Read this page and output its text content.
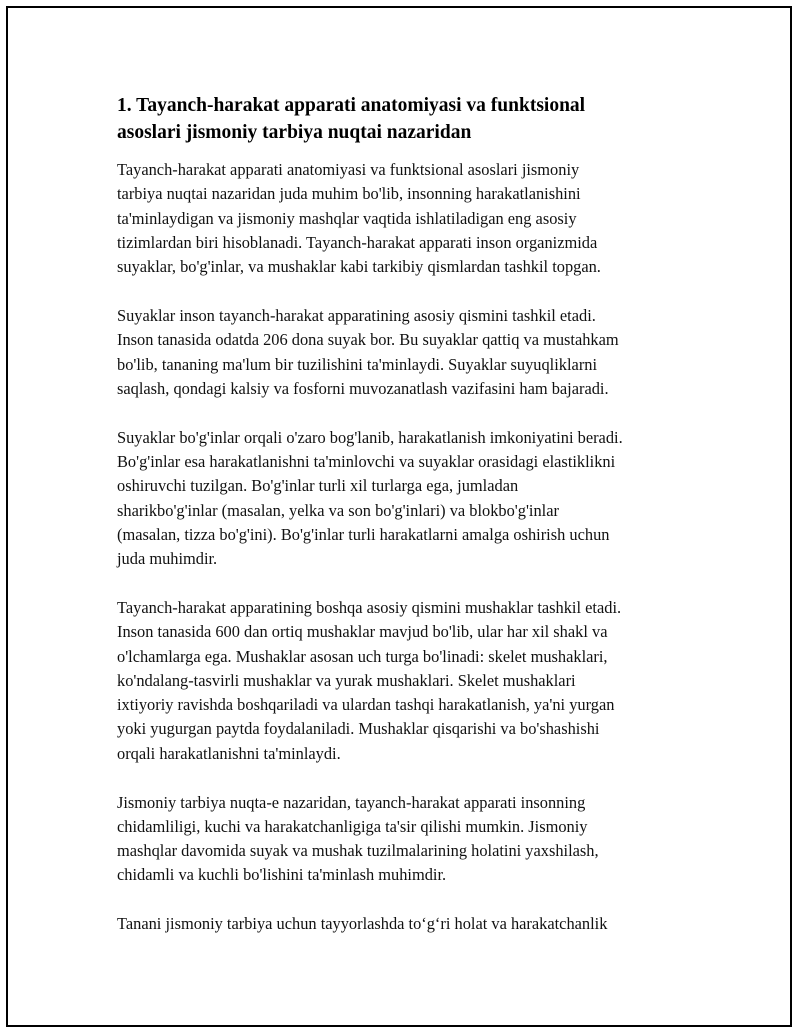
1. Tayanch-harakat apparati anatomiyasi va funktsional
asoslari jismoniy tarbiya nuqtai nazaridan
Tayanch-harakat apparati anatomiyasi va funktsional asoslari jismoniy
tarbiya nuqtai nazaridan juda muhim bo'lib, insonning harakatlanishini
ta'minlaydigan va jismoniy mashqlar vaqtida ishlatiladigan eng asosiy
tizimlardan biri hisoblanadi. Tayanch-harakat apparati inson organizmida
suyaklar, bo'g'inlar, va mushaklar kabi tarkibiy qismlardan tashkil topgan.
Suyaklar inson tayanch-harakat apparatining asosiy qismini tashkil etadi.
Inson tanasida odatda 206 dona suyak bor. Bu suyaklar qattiq va mustahkam
bo'lib, tananing ma'lum bir tuzilishini ta'minlaydi. Suyaklar suyuqliklarni
saqlash, qondagi kalsiy va fosforni muvozanatlash vazifasini ham bajaradi.
Suyaklar bo'g'inlar orqali o'zaro bog'lanib, harakatlanish imkoniyatini beradi.
Bo'g'inlar esa harakatlanishni ta'minlovchi va suyaklar orasidagi elastiklikni
oshiruvchi tuzilgan. Bo'g'inlar turli xil turlarga ega, jumladan
sharikbo'g'inlar (masalan, yelka va son bo'g'inlari) va blokbo'g'inlar
(masalan, tizza bo'g'ini). Bo'g'inlar turli harakatlarni amalga oshirish uchun
juda muhimdir.
Tayanch-harakat apparatining boshqa asosiy qismini mushaklar tashkil etadi.
Inson tanasida 600 dan ortiq mushaklar mavjud bo'lib, ular har xil shakl va
o'lchamlarga ega. Mushaklar asosan uch turga bo'linadi: skelet mushaklari,
ko'ndalang-tasvirli mushaklar va yurak mushaklari. Skelet mushaklari
ixtiyoriy ravishda boshqariladi va ulardan tashqi harakatlanish, ya'ni yurgan
yoki yugurgan paytda foydalaniladi. Mushaklar qisqarishi va bo'shashishi
orqali harakatlanishni ta'minlaydi.
Jismoniy tarbiya nuqta-e nazaridan, tayanch-harakat apparati insonning
chidamliligi, kuchi va harakatchanligiga ta'sir qilishi mumkin. Jismoniy
mashqlar davomida suyak va mushak tuzilmalarining holatini yaxshilash,
chidamli va kuchli bo'lishini ta'minlash muhimdir.
Tanani jismoniy tarbiya uchun tayyorlashda to‘g‘ri holat va harakatchanlik
